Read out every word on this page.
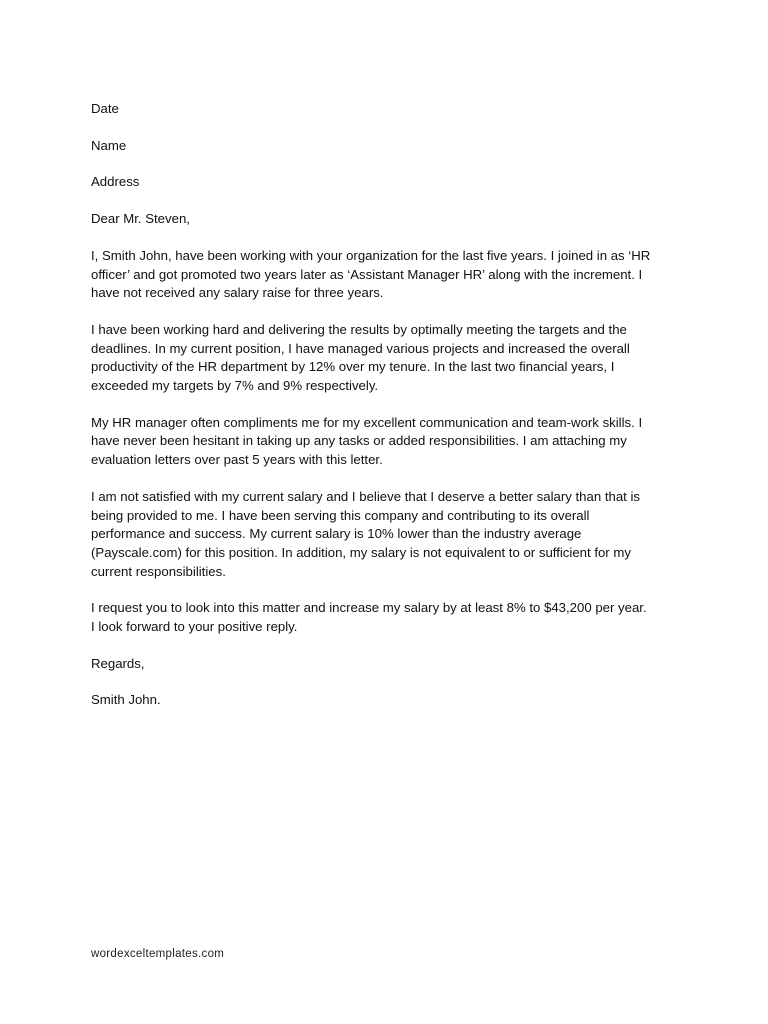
Date
Name
Address
Dear Mr. Steven,
I, Smith John, have been working with your organization for the last five years. I joined in as ‘HR
officer’ and got promoted two years later as ‘Assistant Manager HR’ along with the increment. I
have not received any salary raise for three years.
I have been working hard and delivering the results by optimally meeting the targets and the
deadlines. In my current position, I have managed various projects and increased the overall
productivity of the HR department by 12% over my tenure. In the last two financial years, I
exceeded my targets by 7% and 9% respectively.
My HR manager often compliments me for my excellent communication and team-work skills. I
have never been hesitant in taking up any tasks or added responsibilities. I am attaching my
evaluation letters over past 5 years with this letter.
I am not satisfied with my current salary and I believe that I deserve a better salary than that is
being provided to me. I have been serving this company and contributing to its overall
performance and success. My current salary is 10% lower than the industry average
(Payscale.com) for this position. In addition, my salary is not equivalent to or sufficient for my
current responsibilities.
I request you to look into this matter and increase my salary by at least 8% to $43,200 per year.
I look forward to your positive reply.
Regards,
Smith John.
wordexceltemplates.com
